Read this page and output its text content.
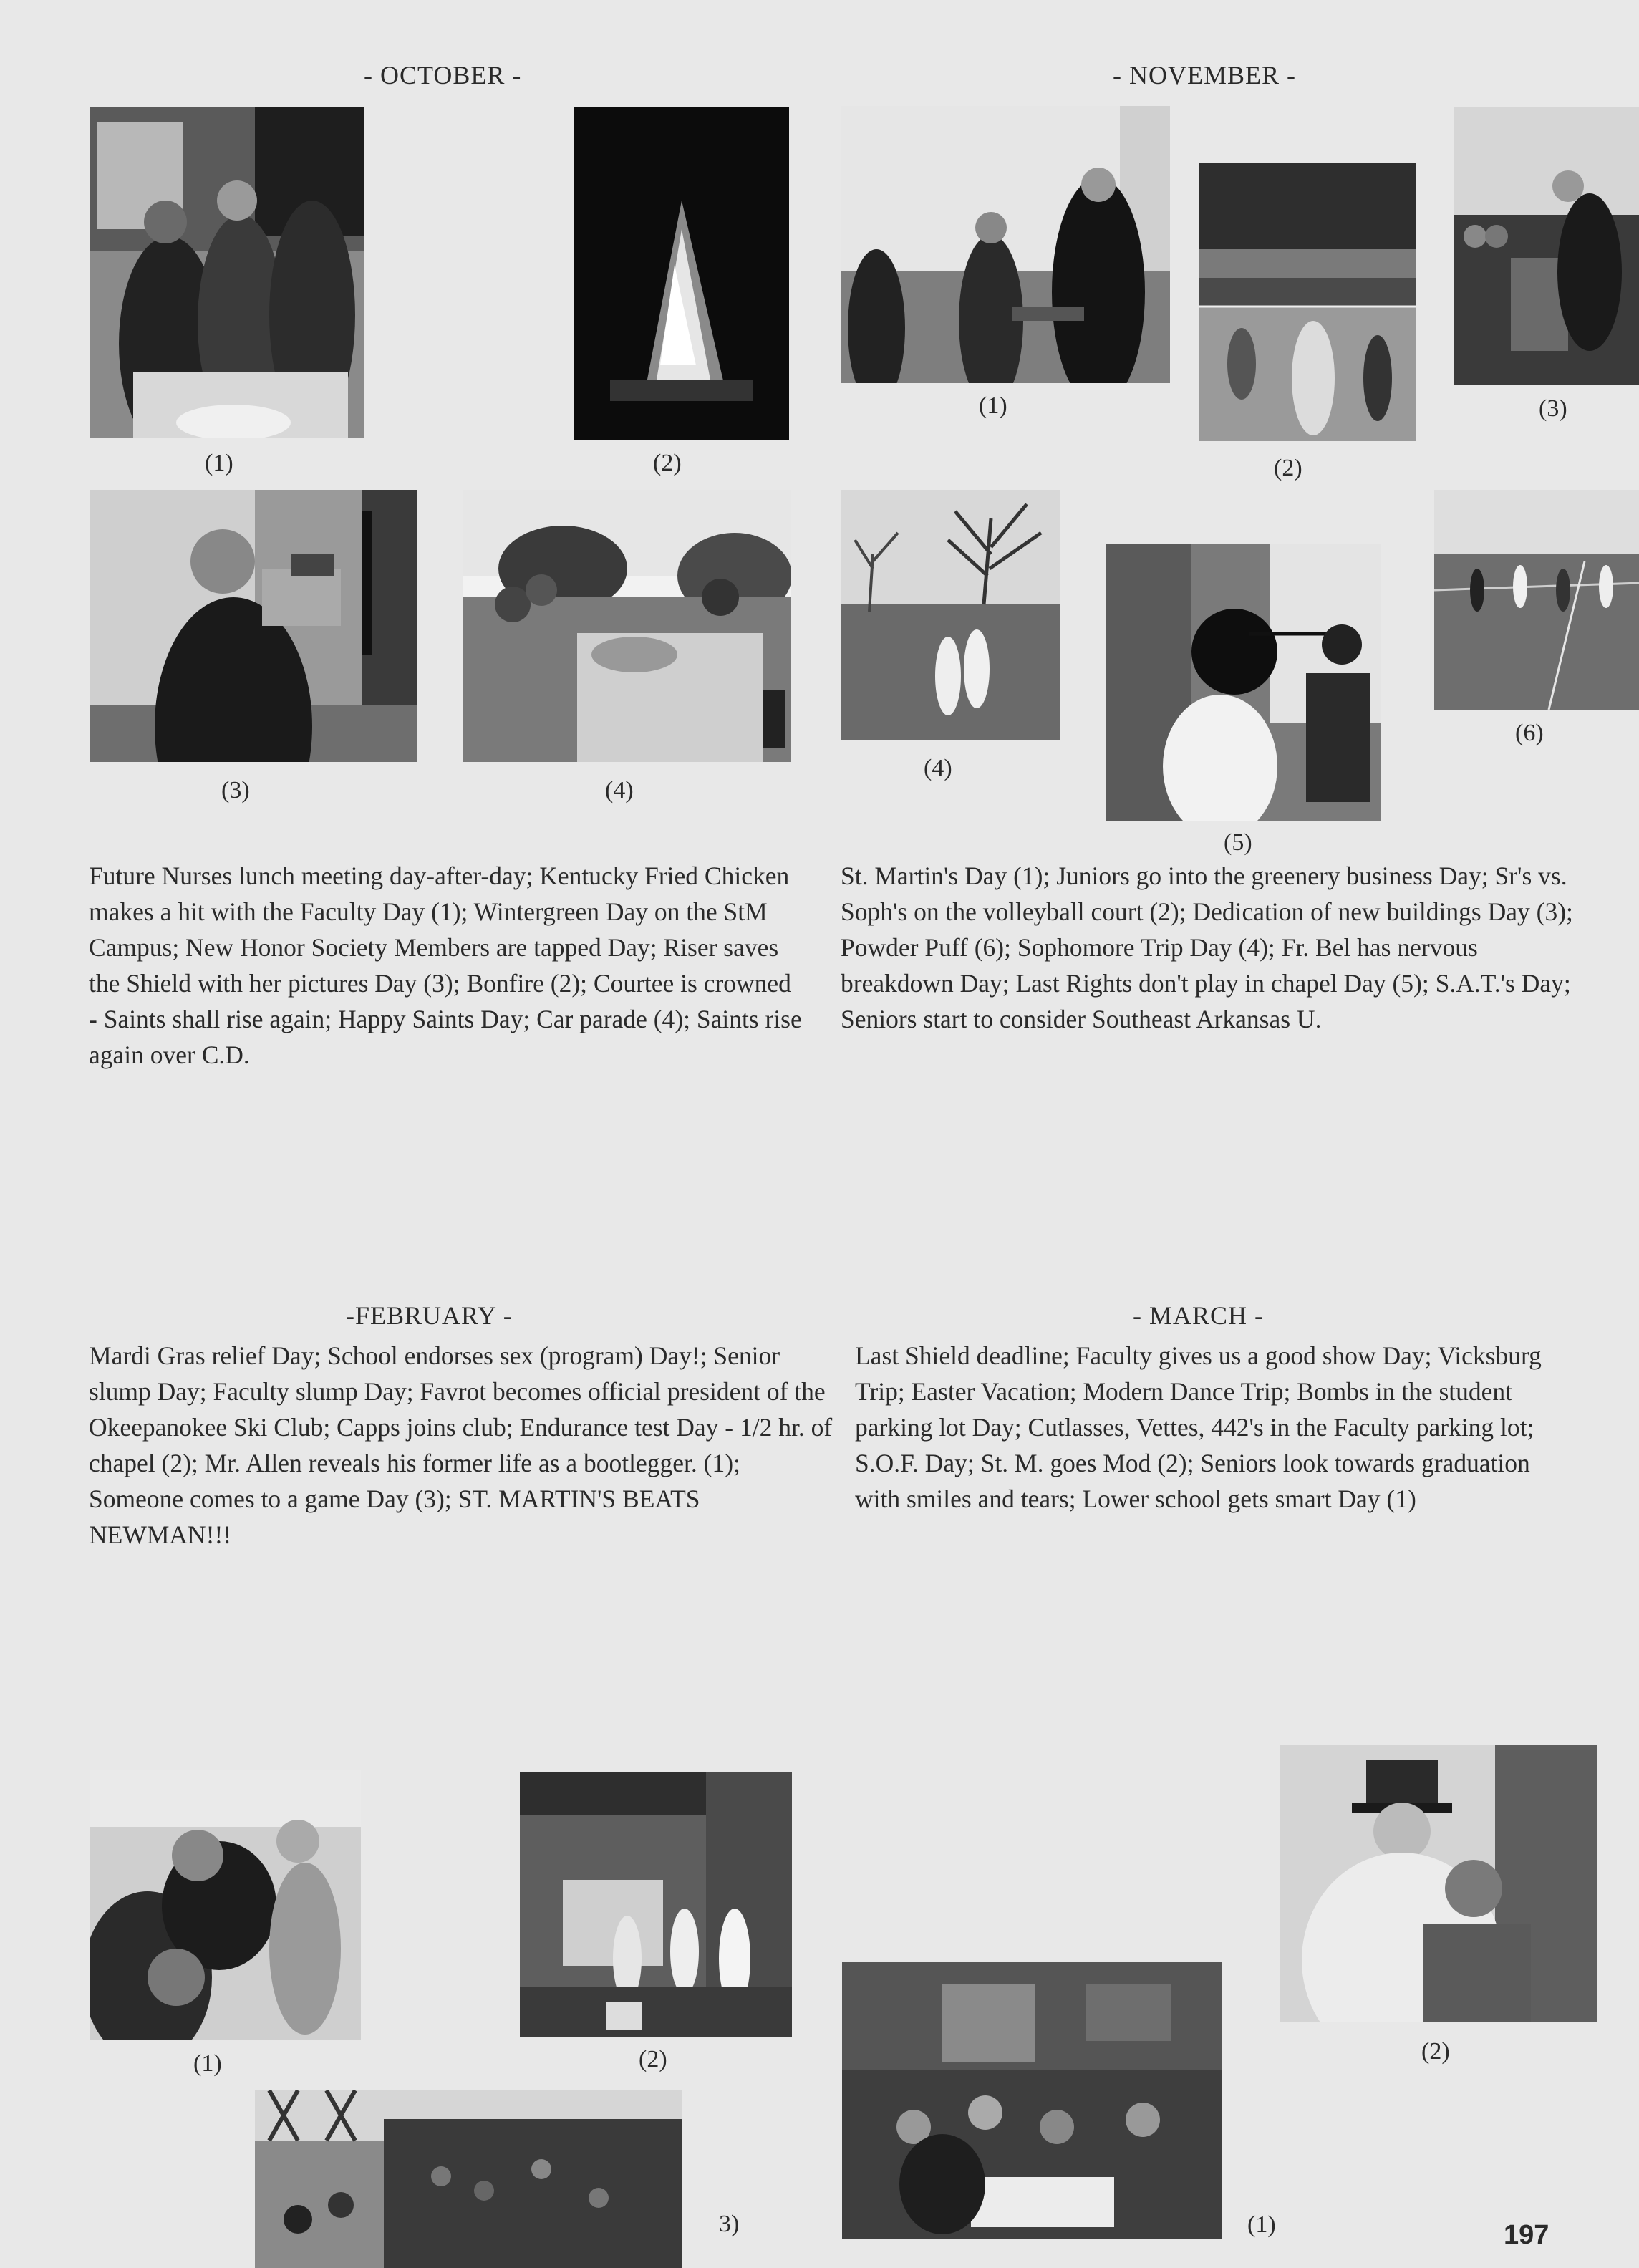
- OCTOBER -
(1)	(2)
(3)	(4)

Future Nurses lunch meeting day-after-day; Kentucky Fried Chicken makes a hit with the Faculty Day (1); Wintergreen Day on the StM Campus; New Honor Society Members are tapped Day; Riser saves the Shield with her pictures Day (3); Bonfire (2); Courtee is crowned - Saints shall rise again; Happy Saints Day; Car parade (4); Saints rise again over C.D.

- NOVEMBER -
(1)
(2)
(3)
(4)
(5)
(6)

St. Martin's Day (1); Juniors go into the greenery business Day; Sr's vs. Soph's on the volleyball court (2); Dedication of new buildings Day (3); Powder Puff (6); Sophomore Trip Day (4); Fr. Bel has nervous breakdown Day; Last Rights don't play in chapel Day (5); S.A.T.'s Day; Seniors start to consider Southeast Arkansas U.

-FEBRUARY -

Mardi Gras relief Day; School endorses sex (program) Day!; Senior slump Day; Faculty slump Day; Favrot becomes official president of the Okeepanokee Ski Club; Capps joins club; Endurance test Day - 1/2 hr. of chapel (2); Mr. Allen reveals his former life as a bootlegger. (1); Someone comes to a game Day (3); ST. MARTIN'S BEATS NEWMAN!!!

- MARCH -

Last Shield deadline; Faculty gives us a good show Day; Vicksburg Trip; Easter Vacation; Modern Dance Trip; Bombs in the student parking lot Day; Cutlasses, Vettes, 442's in the Faculty parking lot; S.O.F. Day; St. M. goes Mod (2); Seniors look towards graduation with smiles and tears; Lower school gets smart Day (1)

(1)	(2)
3)	(1)
(2)
197
